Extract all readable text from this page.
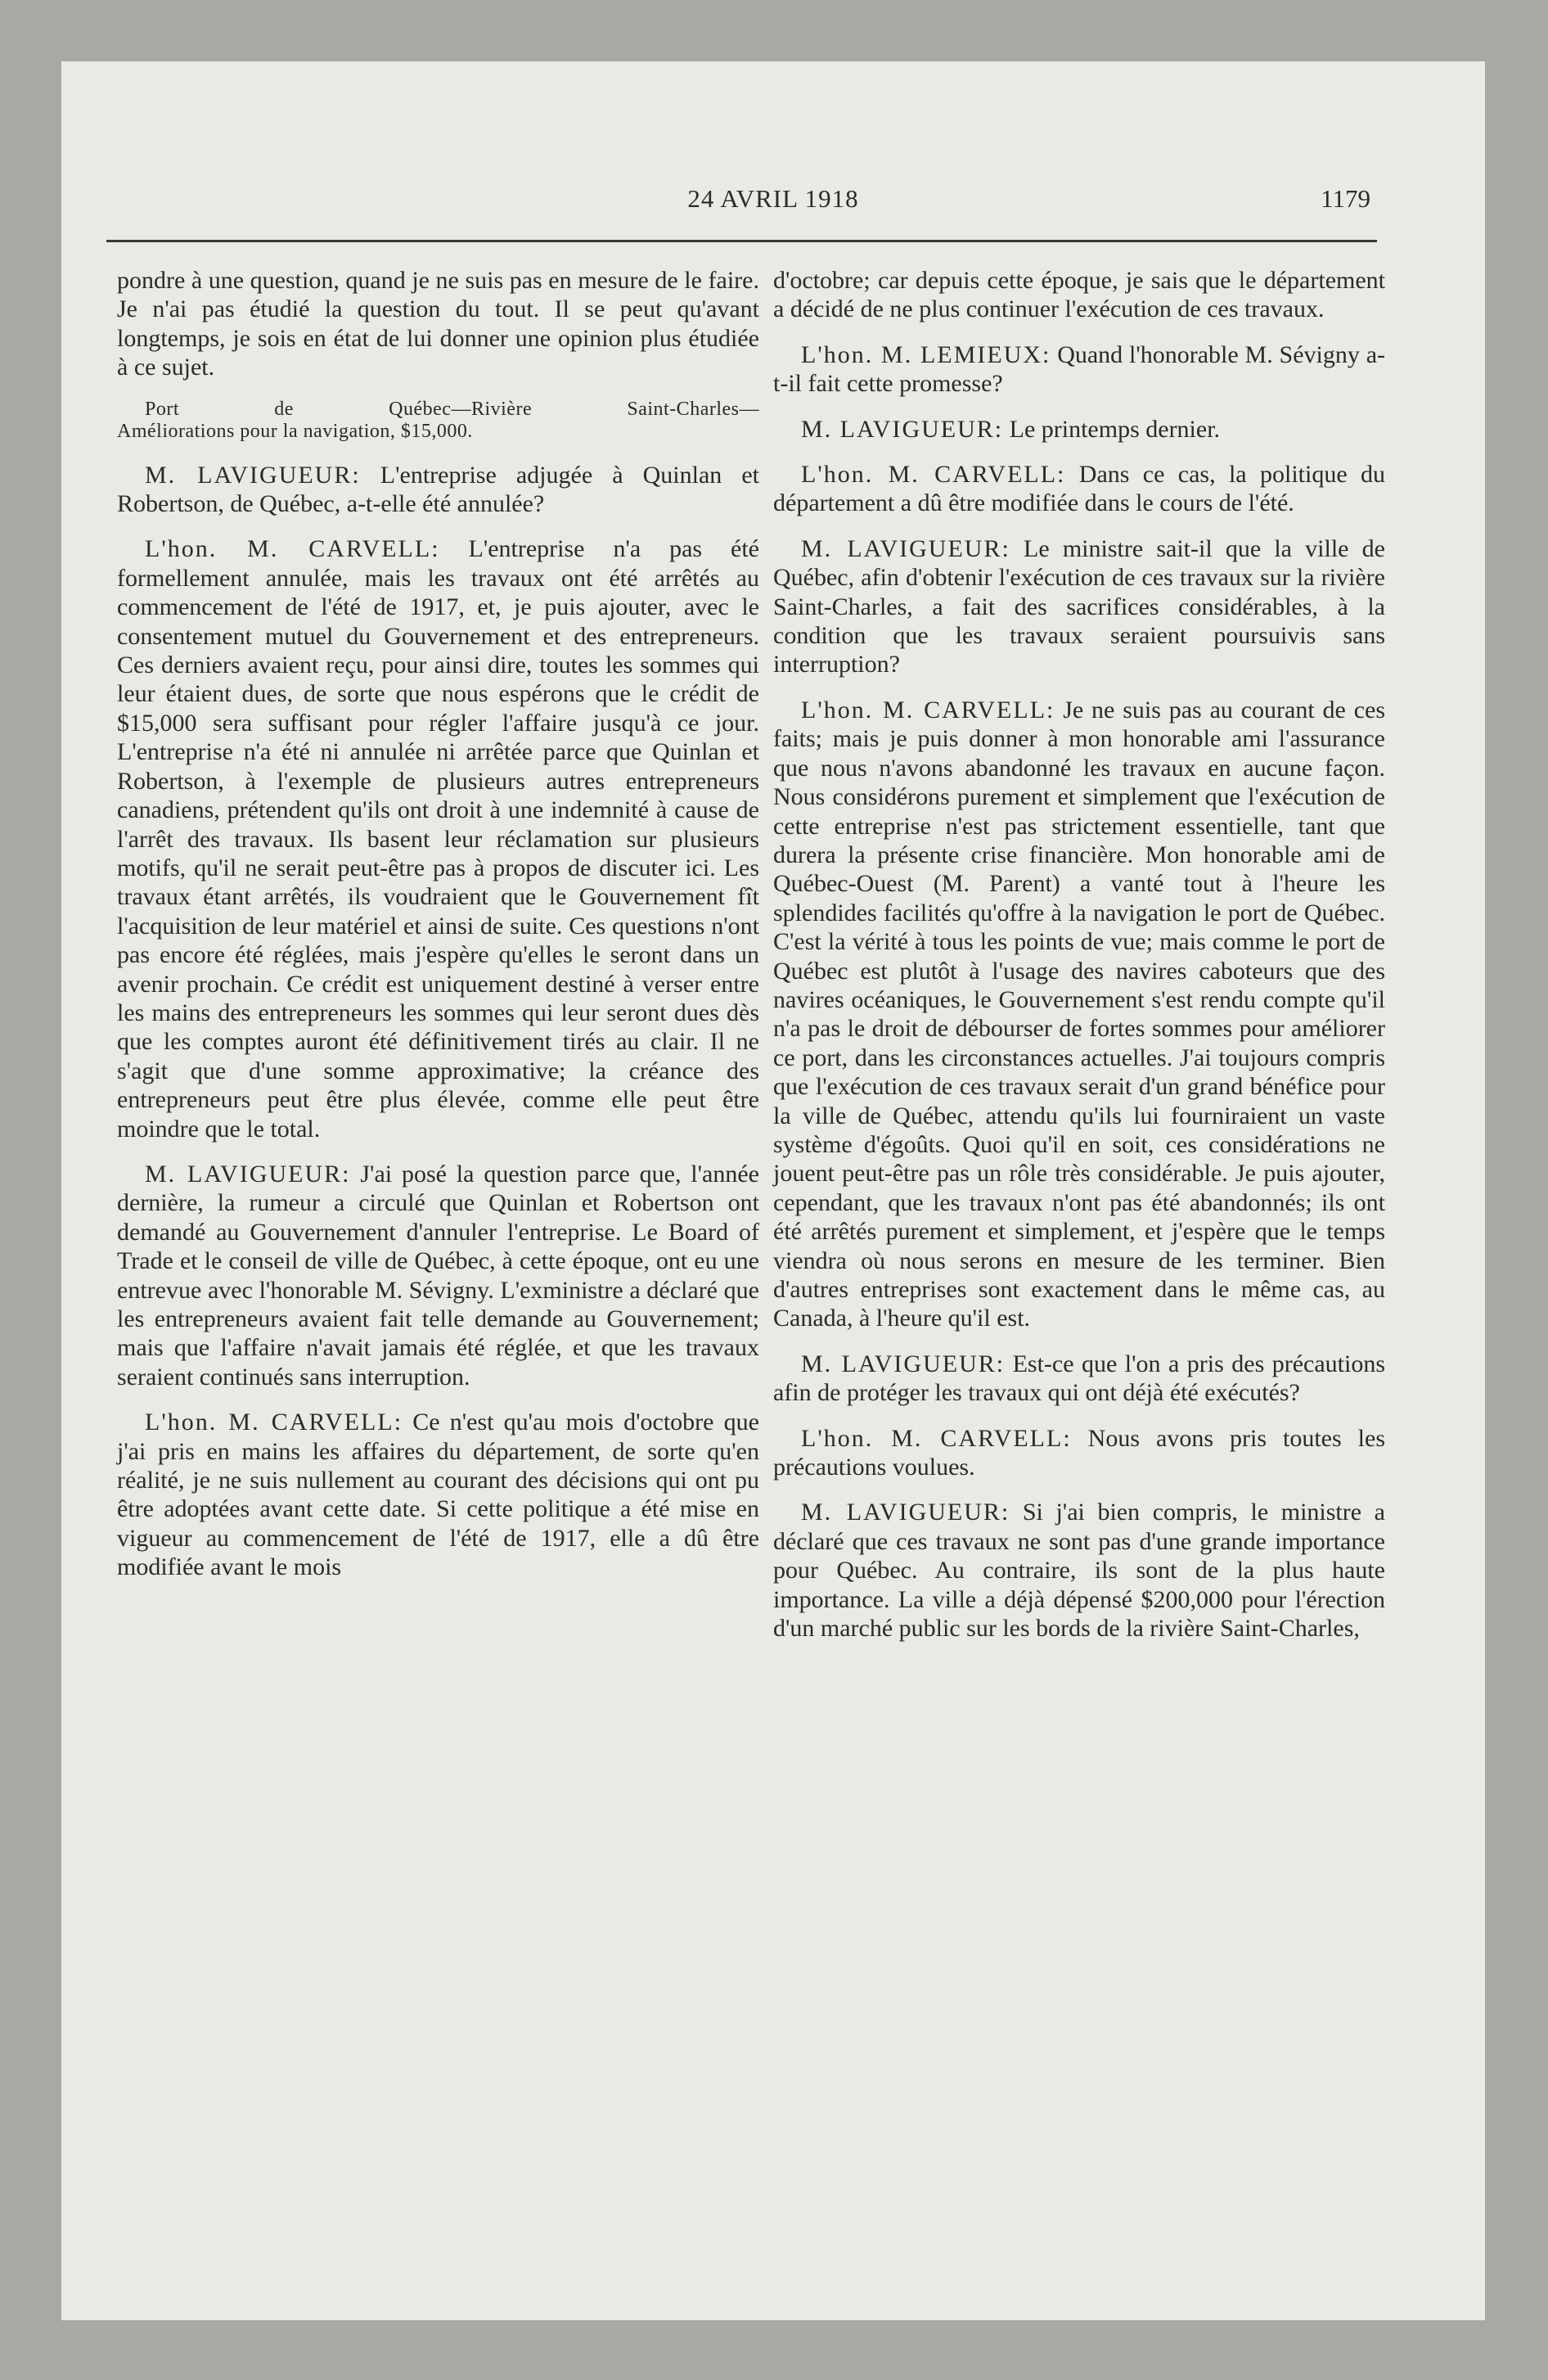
24 AVRIL 1918	1179

pondre à une question, quand je ne suis pas en mesure de le faire. Je n'ai pas étudié la question du tout. Il se peut qu'avant longtemps, je sois en état de lui donner une opinion plus étudiée à ce sujet.

Port de Québec—Rivière Saint-Charles—
Améliorations pour la navigation, $15,000.

M. LAVIGUEUR: L'entreprise adjugée à Quinlan et Robertson, de Québec, a-t-elle été annulée?

L'hon. M. CARVELL: L'entreprise n'a pas été formellement annulée, mais les travaux ont été arrêtés au commencement de l'été de 1917, et, je puis ajouter, avec le consentement mutuel du Gouvernement et des entrepreneurs. Ces derniers avaient reçu, pour ainsi dire, toutes les sommes qui leur étaient dues, de sorte que nous espérons que le crédit de $15,000 sera suffisant pour régler l'affaire jusqu'à ce jour. L'entreprise n'a été ni annulée ni arrêtée parce que Quinlan et Robertson, à l'exemple de plusieurs autres entrepreneurs canadiens, prétendent qu'ils ont droit à une indemnité à cause de l'arrêt des travaux. Ils basent leur réclamation sur plusieurs motifs, qu'il ne serait peut-être pas à propos de discuter ici. Les travaux étant arrêtés, ils voudraient que le Gouvernement fît l'acquisition de leur matériel et ainsi de suite. Ces questions n'ont pas encore été réglées, mais j'espère qu'elles le seront dans un avenir prochain. Ce crédit est uniquement destiné à verser entre les mains des entrepreneurs les sommes qui leur seront dues dès que les comptes auront été définitivement tirés au clair. Il ne s'agit que d'une somme approximative; la créance des entrepreneurs peut être plus élevée, comme elle peut être moindre que le total.

M. LAVIGUEUR: J'ai posé la question parce que, l'année dernière, la rumeur a circulé que Quinlan et Robertson ont demandé au Gouvernement d'annuler l'entreprise. Le Board of Trade et le conseil de ville de Québec, à cette époque, ont eu une entrevue avec l'honorable M. Sévigny. L'exministre a déclaré que les entrepreneurs avaient fait telle demande au Gouvernement; mais que l'affaire n'avait jamais été réglée, et que les travaux seraient continués sans interruption.

L'hon. M. CARVELL: Ce n'est qu'au mois d'octobre que j'ai pris en mains les affaires du département, de sorte qu'en réalité, je ne suis nullement au courant des décisions qui ont pu être adoptées avant cette date. Si cette politique a été mise en vigueur au commencement de l'été de 1917, elle a dû être modifiée avant le mois

d'octobre; car depuis cette époque, je sais que le département a décidé de ne plus continuer l'exécution de ces travaux.

L'hon. M. LEMIEUX: Quand l'honorable M. Sévigny a-t-il fait cette promesse?

M. LAVIGUEUR: Le printemps dernier.

L'hon. M. CARVELL: Dans ce cas, la politique du département a dû être modifiée dans le cours de l'été.

M. LAVIGUEUR: Le ministre sait-il que la ville de Québec, afin d'obtenir l'exécution de ces travaux sur la rivière Saint-Charles, a fait des sacrifices considérables, à la condition que les travaux seraient poursuivis sans interruption?

L'hon. M. CARVELL: Je ne suis pas au courant de ces faits; mais je puis donner à mon honorable ami l'assurance que nous n'avons abandonné les travaux en aucune façon. Nous considérons purement et simplement que l'exécution de cette entreprise n'est pas strictement essentielle, tant que durera la présente crise financière. Mon honorable ami de Québec-Ouest (M. Parent) a vanté tout à l'heure les splendides facilités qu'offre à la navigation le port de Québec. C'est la vérité à tous les points de vue; mais comme le port de Québec est plutôt à l'usage des navires caboteurs que des navires océaniques, le Gouvernement s'est rendu compte qu'il n'a pas le droit de débourser de fortes sommes pour améliorer ce port, dans les circonstances actuelles. J'ai toujours compris que l'exécution de ces travaux serait d'un grand bénéfice pour la ville de Québec, attendu qu'ils lui fourniraient un vaste système d'égoûts. Quoi qu'il en soit, ces considérations ne jouent peut-être pas un rôle très considérable. Je puis ajouter, cependant, que les travaux n'ont pas été abandonnés; ils ont été arrêtés purement et simplement, et j'espère que le temps viendra où nous serons en mesure de les terminer. Bien d'autres entreprises sont exactement dans le même cas, au Canada, à l'heure qu'il est.

M. LAVIGUEUR: Est-ce que l'on a pris des précautions afin de protéger les travaux qui ont déjà été exécutés?

L'hon. M. CARVELL: Nous avons pris toutes les précautions voulues.

M. LAVIGUEUR: Si j'ai bien compris, le ministre a déclaré que ces travaux ne sont pas d'une grande importance pour Québec. Au contraire, ils sont de la plus haute importance. La ville a déjà dépensé $200,000 pour l'érection d'un marché public sur les bords de la rivière Saint-Charles,
